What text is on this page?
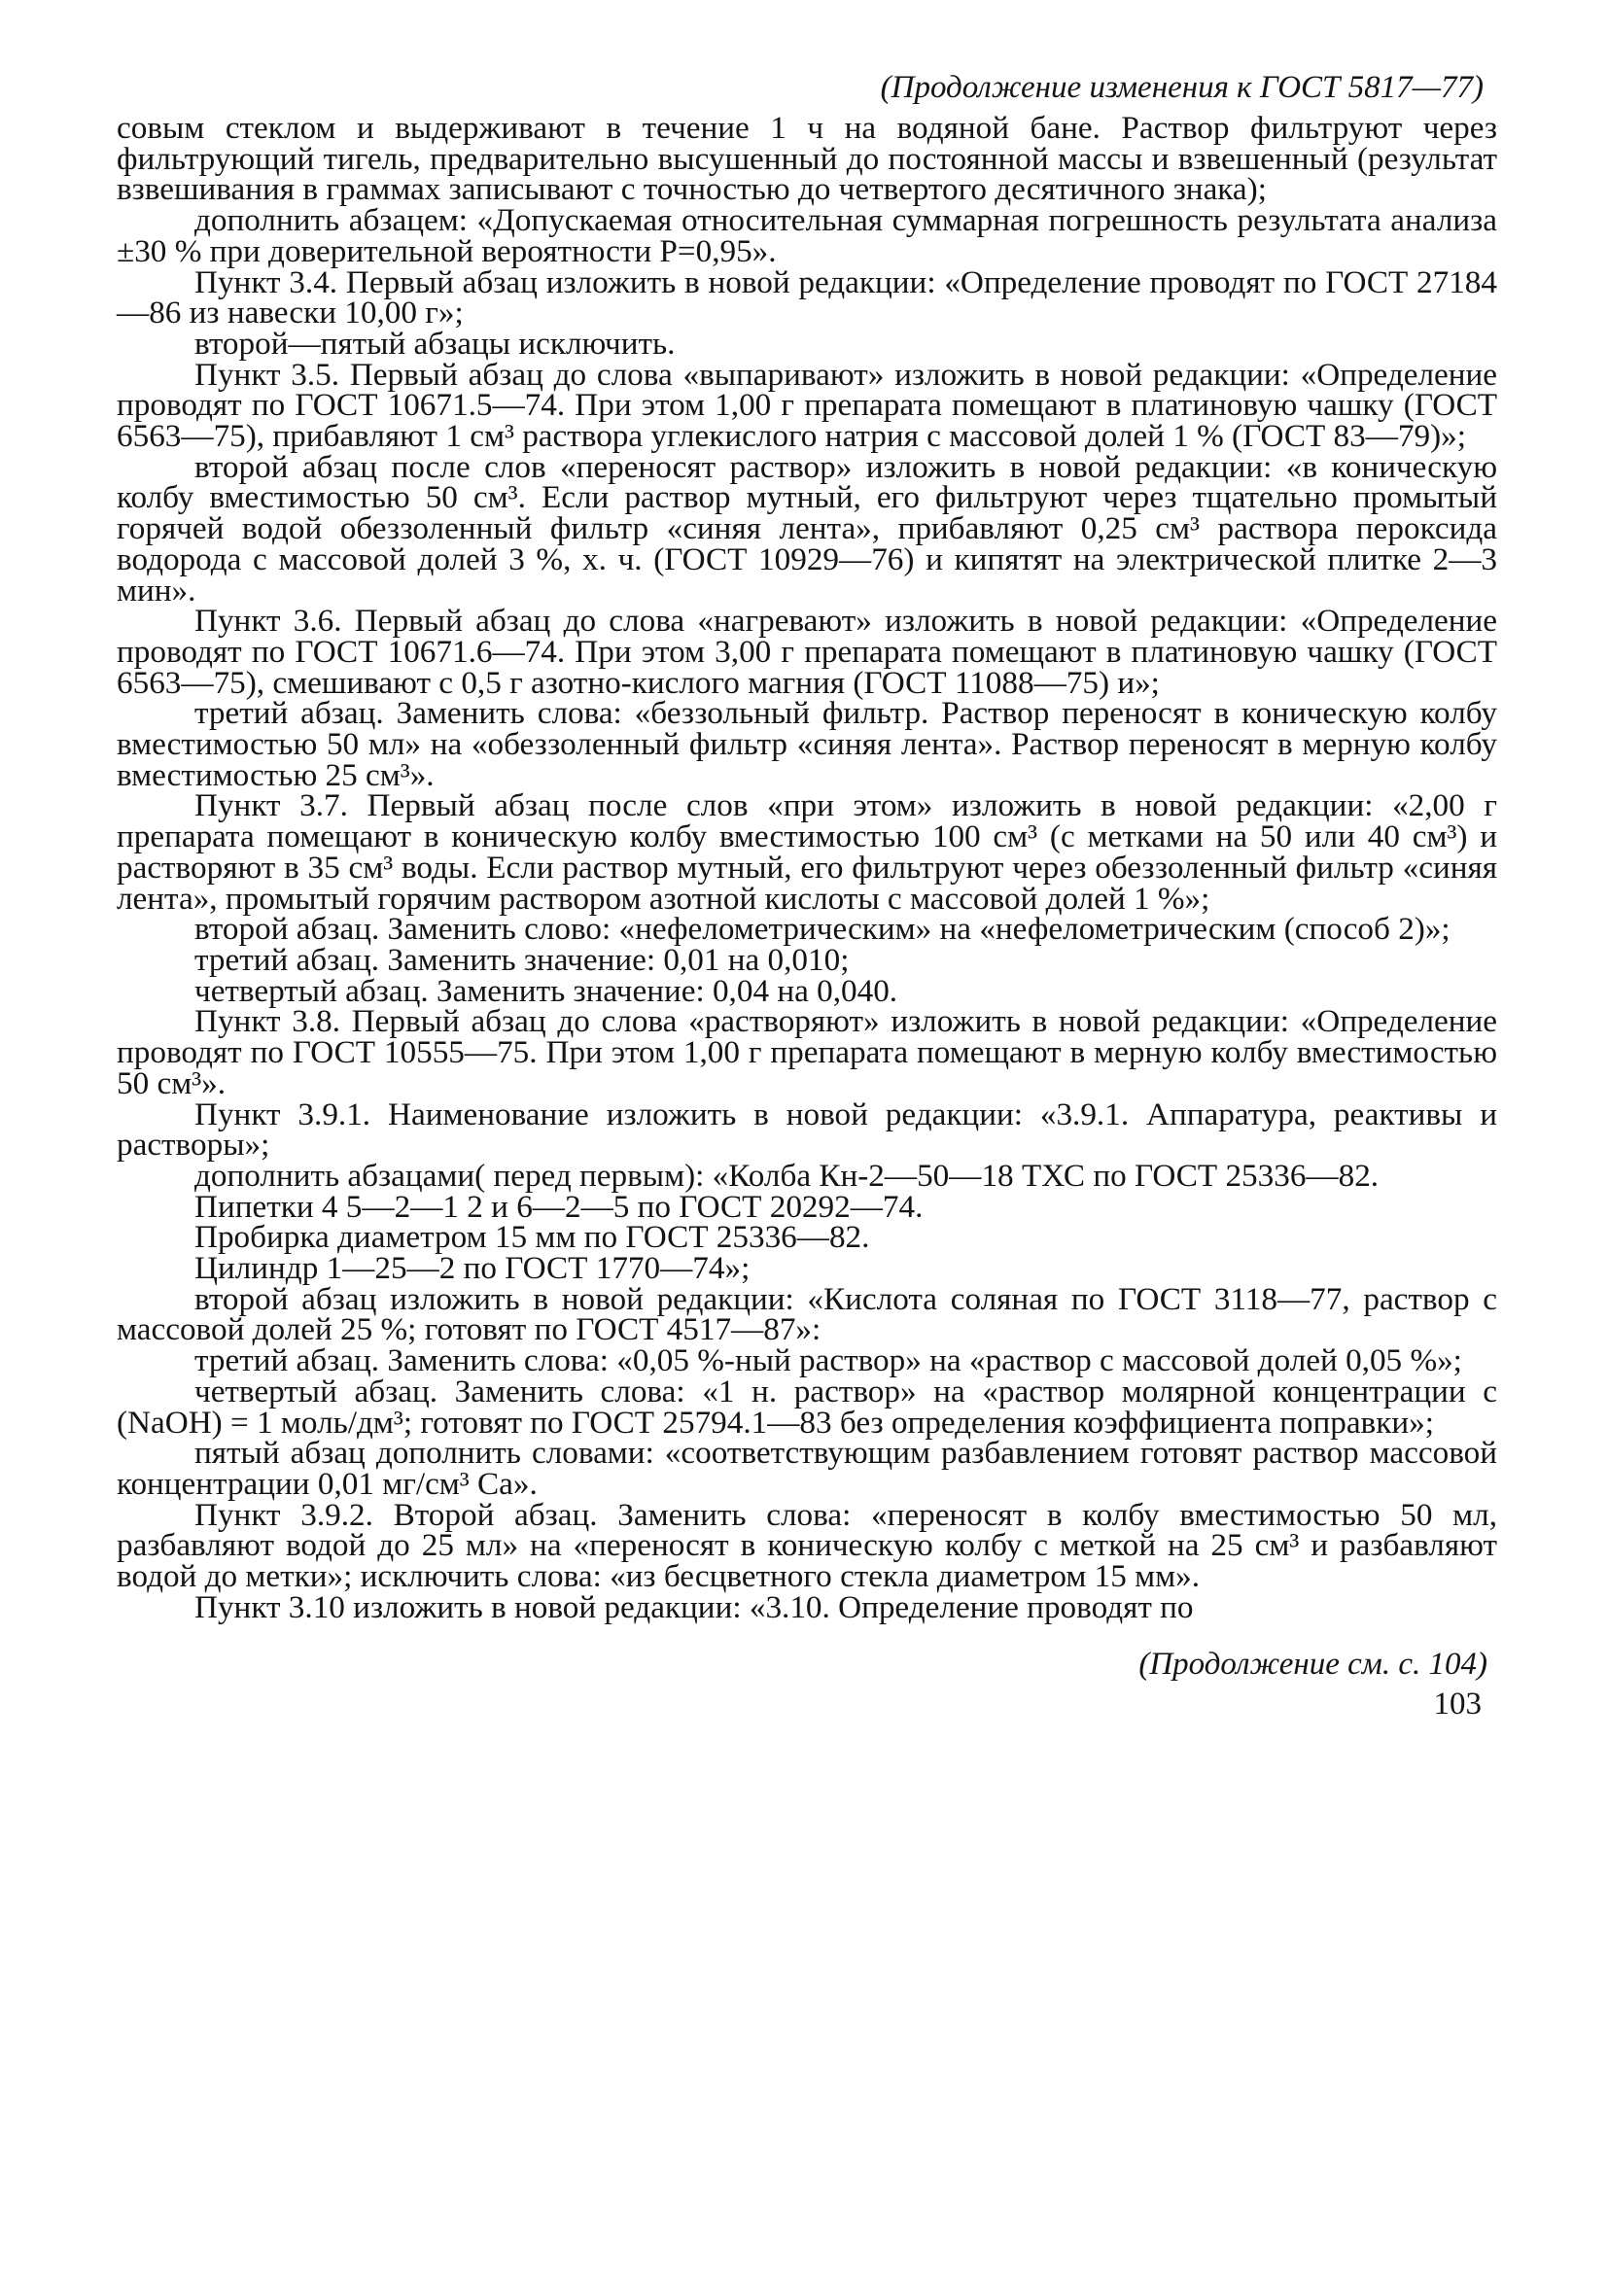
(Продолжение изменения к ГОСТ 5817—77)

совым стеклом и выдерживают в течение 1 ч на водяной бане. Раствор фильтруют через фильтрующий тигель, предварительно высушенный до постоянной массы и взвешенный (результат взвешивания в граммах записывают с точностью до четвертого десятичного знака);

дополнить абзацем: «Допускаемая относительная суммарная погрешность результата анализа ±30 % при доверительной вероятности P=0,95».

Пункт 3.4. Первый абзац изложить в новой редакции: «Определение проводят по ГОСТ 27184—86 из навески 10,00 г»;

второй—пятый абзацы исключить.

Пункт 3.5. Первый абзац до слова «выпаривают» изложить в новой редакции: «Определение проводят по ГОСТ 10671.5—74. При этом 1,00 г препарата помещают в платиновую чашку (ГОСТ 6563—75), прибавляют 1 см³ раствора углекислого натрия с массовой долей 1 % (ГОСТ 83—79)»;

второй абзац после слов «переносят раствор» изложить в новой редакции: «в коническую колбу вместимостью 50 см³. Если раствор мутный, его фильтруют через тщательно промытый горячей водой обеззоленный фильтр «синяя лента», прибавляют 0,25 см³ раствора пероксида водорода с массовой долей 3 %, х. ч. (ГОСТ 10929—76) и кипятят на электрической плитке 2—3 мин».

Пункт 3.6. Первый абзац до слова «нагревают» изложить в новой редакции: «Определение проводят по ГОСТ 10671.6—74. При этом 3,00 г препарата помещают в платиновую чашку (ГОСТ 6563—75), смешивают с 0,5 г азотно-кислого магния (ГОСТ 11088—75) и»;

третий абзац. Заменить слова: «беззольный фильтр. Раствор переносят в коническую колбу вместимостью 50 мл» на «обеззоленный фильтр «синяя лента». Раствор переносят в мерную колбу вместимостью 25 см³».

Пункт 3.7. Первый абзац после слов «при этом» изложить в новой редакции: «2,00 г препарата помещают в коническую колбу вместимостью 100 см³ (с метками на 50 или 40 см³) и растворяют в 35 см³ воды. Если раствор мутный, его фильтруют через обеззоленный фильтр «синяя лента», промытый горячим раствором азотной кислоты с массовой долей 1 %»;

второй абзац. Заменить слово: «нефелометрическим» на «нефелометрическим (способ 2)»;

третий абзац. Заменить значение: 0,01 на 0,010;

четвертый абзац. Заменить значение: 0,04 на 0,040.

Пункт 3.8. Первый абзац до слова «растворяют» изложить в новой редакции: «Определение проводят по ГОСТ 10555—75. При этом 1,00 г препарата помещают в мерную колбу вместимостью 50 см³».

Пункт 3.9.1. Наименование изложить в новой редакции: «3.9.1. Аппаратура, реактивы и растворы»;

дополнить абзацами( перед первым): «Колба Кн-2—50—18 ТХС по ГОСТ 25336—82.

Пипетки 4 5—2—1 2 и 6—2—5 по ГОСТ 20292—74.

Пробирка диаметром 15 мм по ГОСТ 25336—82.

Цилиндр 1—25—2 по ГОСТ 1770—74»;

второй абзац изложить в новой редакции: «Кислота соляная по ГОСТ 3118—77, раствор с массовой долей 25 %; готовят по ГОСТ 4517—87»:

третий абзац. Заменить слова: «0,05 %-ный раствор» на «раствор с массовой долей 0,05 %»;

четвертый абзац. Заменить слова: «1 н. раствор» на «раствор молярной концентрации с (NaOH) = 1 моль/дм³; готовят по ГОСТ 25794.1—83 без определения коэффициента поправки»;

пятый абзац дополнить словами: «соответствующим разбавлением готовят раствор массовой концентрации 0,01 мг/см³ Са».

Пункт 3.9.2. Второй абзац. Заменить слова: «переносят в колбу вместимостью 50 мл, разбавляют водой до 25 мл» на «переносят в коническую колбу с меткой на 25 см³ и разбавляют водой до метки»; исключить слова: «из бесцветного стекла диаметром 15 мм».

Пункт 3.10 изложить в новой редакции: «3.10. Определение проводят по

(Продолжение см. с. 104)
103
